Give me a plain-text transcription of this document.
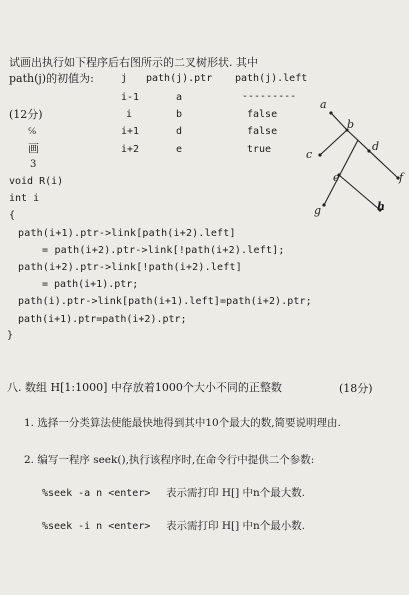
试画出执行如下程序后右图所示的二叉树形状. 其中
path(j)的初值为:	j path(j).ptr path(j).left
---------
i-1	a
i	b	false
i+1	d	false
i+2	e	true
(12分)
℅
画
3
void R(i)
int i
{
path(i+1).ptr->link[path(i+2).left]
= path(i+2).ptr->link[!path(i+2).left];
path(i+2).ptr->link[!path(i+2).left]
= path(i+1).ptr;
path(i).ptr->link[path(i+1).left]=path(i+2).ptr;
path(i+1).ptr=path(i+2).ptr;
}
a
b
c
d
e	f
g	h
八. 数组 H[1:1000] 中存放着1000个大小不同的正整数	(18分)
1. 选择一分类算法使能最快地得到其中10个最大的数,简要说明理由.
2. 编写一程序 seek(),执行该程序时,在命令行中提供二个参数:
%seek -a n <enter> 表示需打印 H[] 中n个最大数.
%seek -i n <enter> 表示需打印 H[] 中n个最小数.
